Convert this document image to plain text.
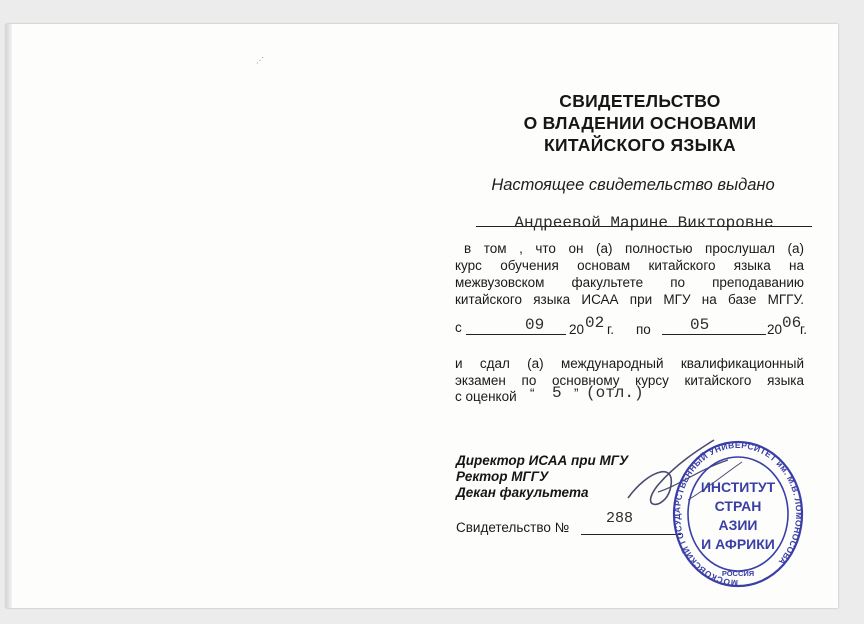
⋰
СВИДЕТЕЛЬСТВО
О ВЛАДЕНИИ ОСНОВАМИ
КИТАЙСКОГО ЯЗЫКА
Настоящее свидетельство выдано
Андреевой Марине Викторовне
в том , что он (а) полностью прослушал (а)
курс обучения основам китайского языка на
межвузовском факультете по преподаванию
китайского языка ИСАА при МГУ на базе МГГУ.
с	09 20 02 г. по 05	20 06
г.
и сдал (а) международный квалификационный
экзамен по основному курсу китайского языка
с оценкой “ 5 ” (отл.)
Директор ИСАА при МГУ
Ректор МГГУ
Декан факультета
Свидетельство №
288
МОСКОВСКИЙ ГОСУДАРСТВЕННЫЙ УНИВЕРСИТЕТ им. М.В. ЛОМОНОСОВА
РОССИЯ
ИНСТИТУТ
СТРАН
АЗИИ
И АФРИКИ
